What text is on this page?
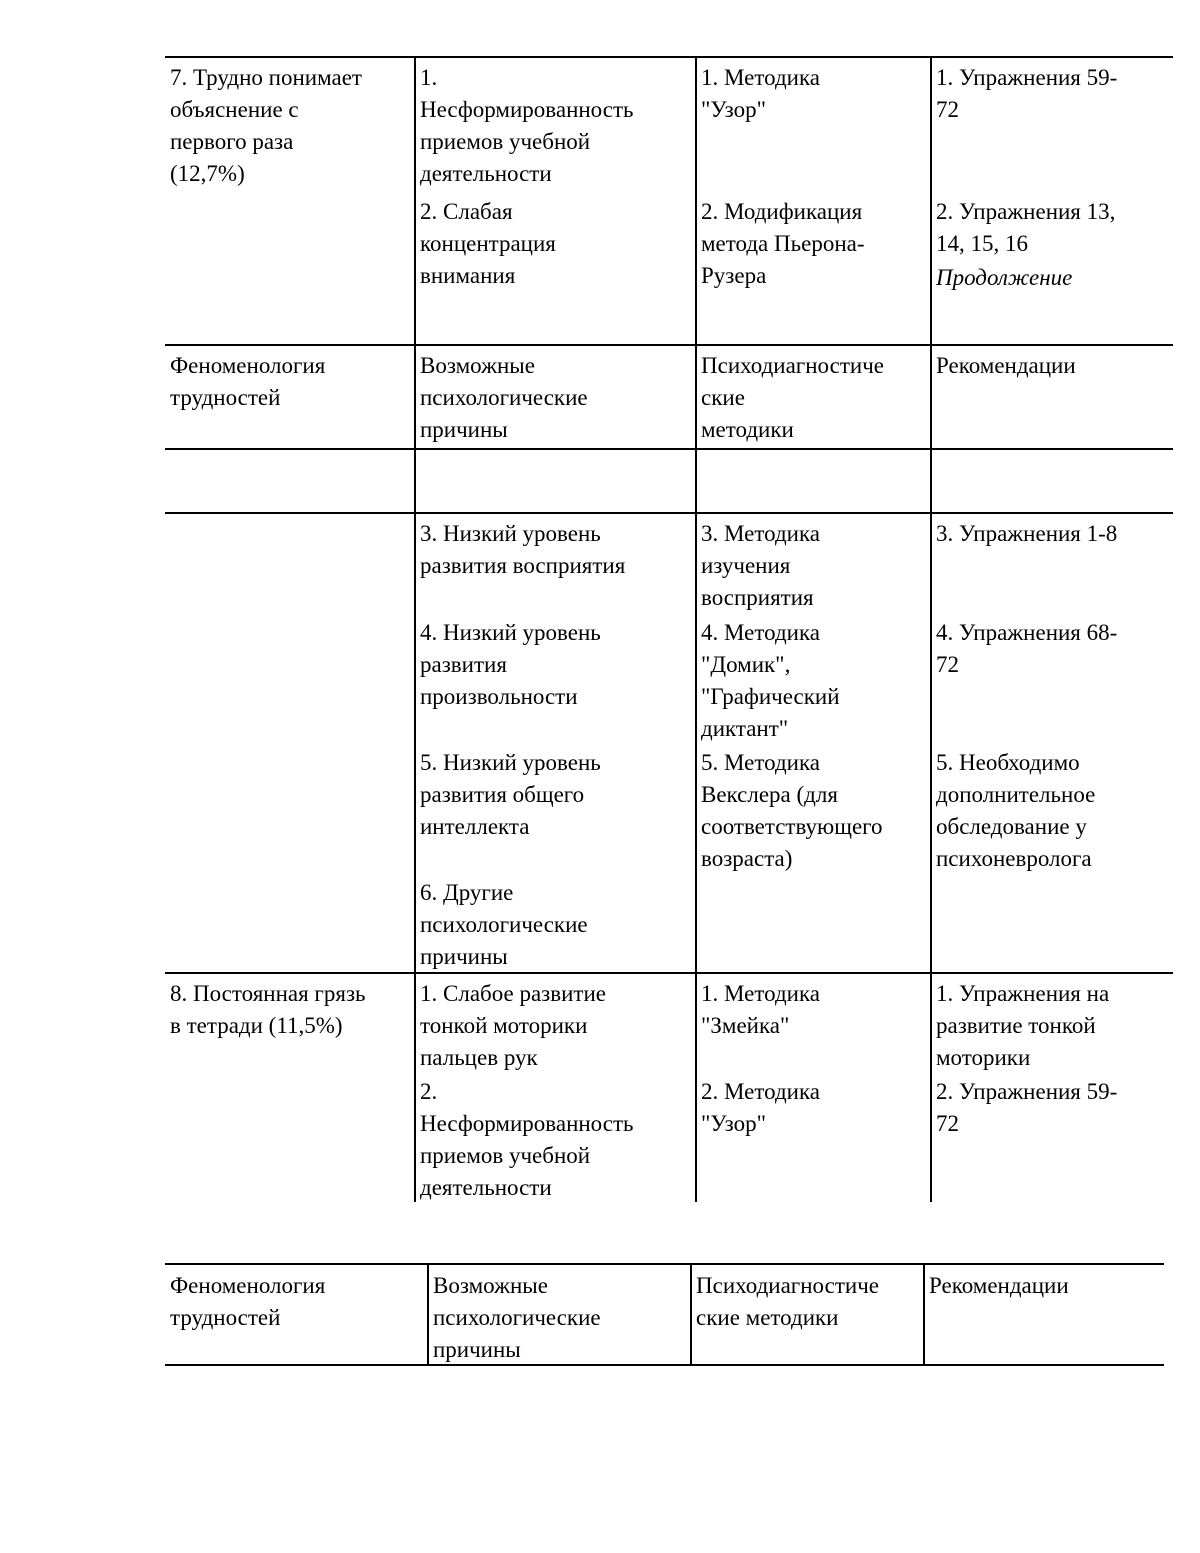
7. Трудно понимает
объяснение с
первого раза
(12,7%)
1.
Несформированность
приемов учебной
деятельности
1. Методика
"Узор"
1. Упражнения 59-
72
2. Слабая
концентрация
внимания
2. Модификация
метода Пьерона-
Рузера
2. Упражнения 13,
14, 15, 16
Продолжение
Феноменология
трудностей
Возможные
психологические
причины
Психодиагностиче
ские
методики
Рекомендации
3. Низкий уровень
развития восприятия
3. Методика
изучения
восприятия
3. Упражнения 1-8
4. Низкий уровень
развития
произвольности
4. Методика
"Домик",
"Графический
диктант"
4. Упражнения 68-
72
5. Низкий уровень
развития общего
интеллекта
5. Методика
Векслера (для
соответствующего
возраста)
5. Необходимо
дополнительное
обследование у
психоневролога
6. Другие
психологические
причины
8. Постоянная грязь
в тетради (11,5%)
1. Слабое развитие
тонкой моторики
пальцев рук
1. Методика
"Змейка"
1. Упражнения на
развитие тонкой
моторики
2.
Несформированность
приемов учебной
деятельности
2. Методика
"Узор"
2. Упражнения 59-
72
Феноменология
трудностей
Возможные
психологические
причины
Психодиагностиче
ские методики
Рекомендации
